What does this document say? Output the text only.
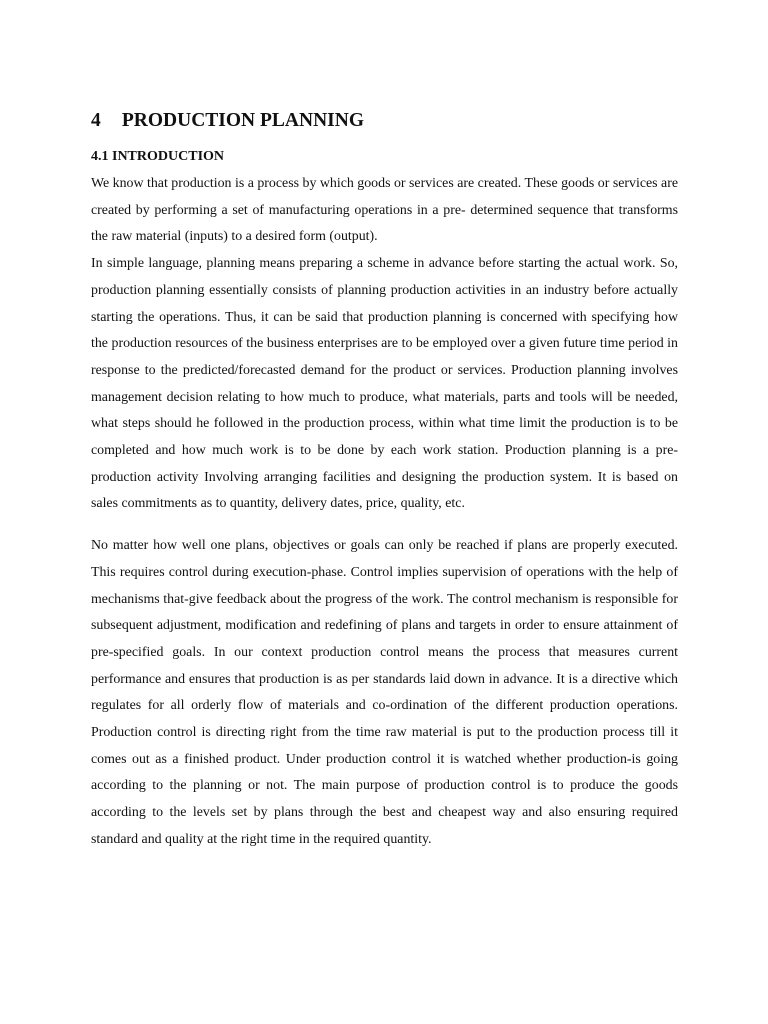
4 PRODUCTION PLANNING
4.1 INTRODUCTION

We know that production is a process by which goods or services are created. These goods or services are created by performing a set of manufacturing operations in a pre- determined sequence that transforms the raw material (inputs) to a desired form (output).

In simple language, planning means preparing a scheme in advance before starting the actual work. So, production planning essentially consists of planning production activities in an industry before actually starting the operations. Thus, it can be said that production planning is concerned with specifying how the production resources of the business enterprises are to be employed over a given future time period in response to the predicted/forecasted demand for the product or services. Production planning involves management decision relating to how much to produce, what materials, parts and tools will be needed, what steps should he followed in the production process, within what time limit the production is to be completed and how much work is to be done by each work station. Production planning is a pre-production activity Involving arranging facilities and designing the production system. It is based on sales commitments as to quantity, delivery dates, price, quality, etc.

No matter how well one plans, objectives or goals can only be reached if plans are properly executed. This requires control during execution-phase. Control implies supervision of operations with the help of mechanisms that-give feedback about the progress of the work. The control mechanism is responsible for subsequent adjustment, modification and redefining of plans and targets in order to ensure attainment of pre-specified goals. In our context production control means the process that measures current performance and ensures that production is as per standards laid down in advance. It is a directive which regulates for all orderly flow of materials and co-ordination of the different production operations. Production control is directing right from the time raw material is put to the production process till it comes out as a finished product. Under production control it is watched whether production-is going according to the planning or not. The main purpose of production control is to produce the goods according to the levels set by plans through the best and cheapest way and also ensuring required standard and quality at the right time in the required quantity.
